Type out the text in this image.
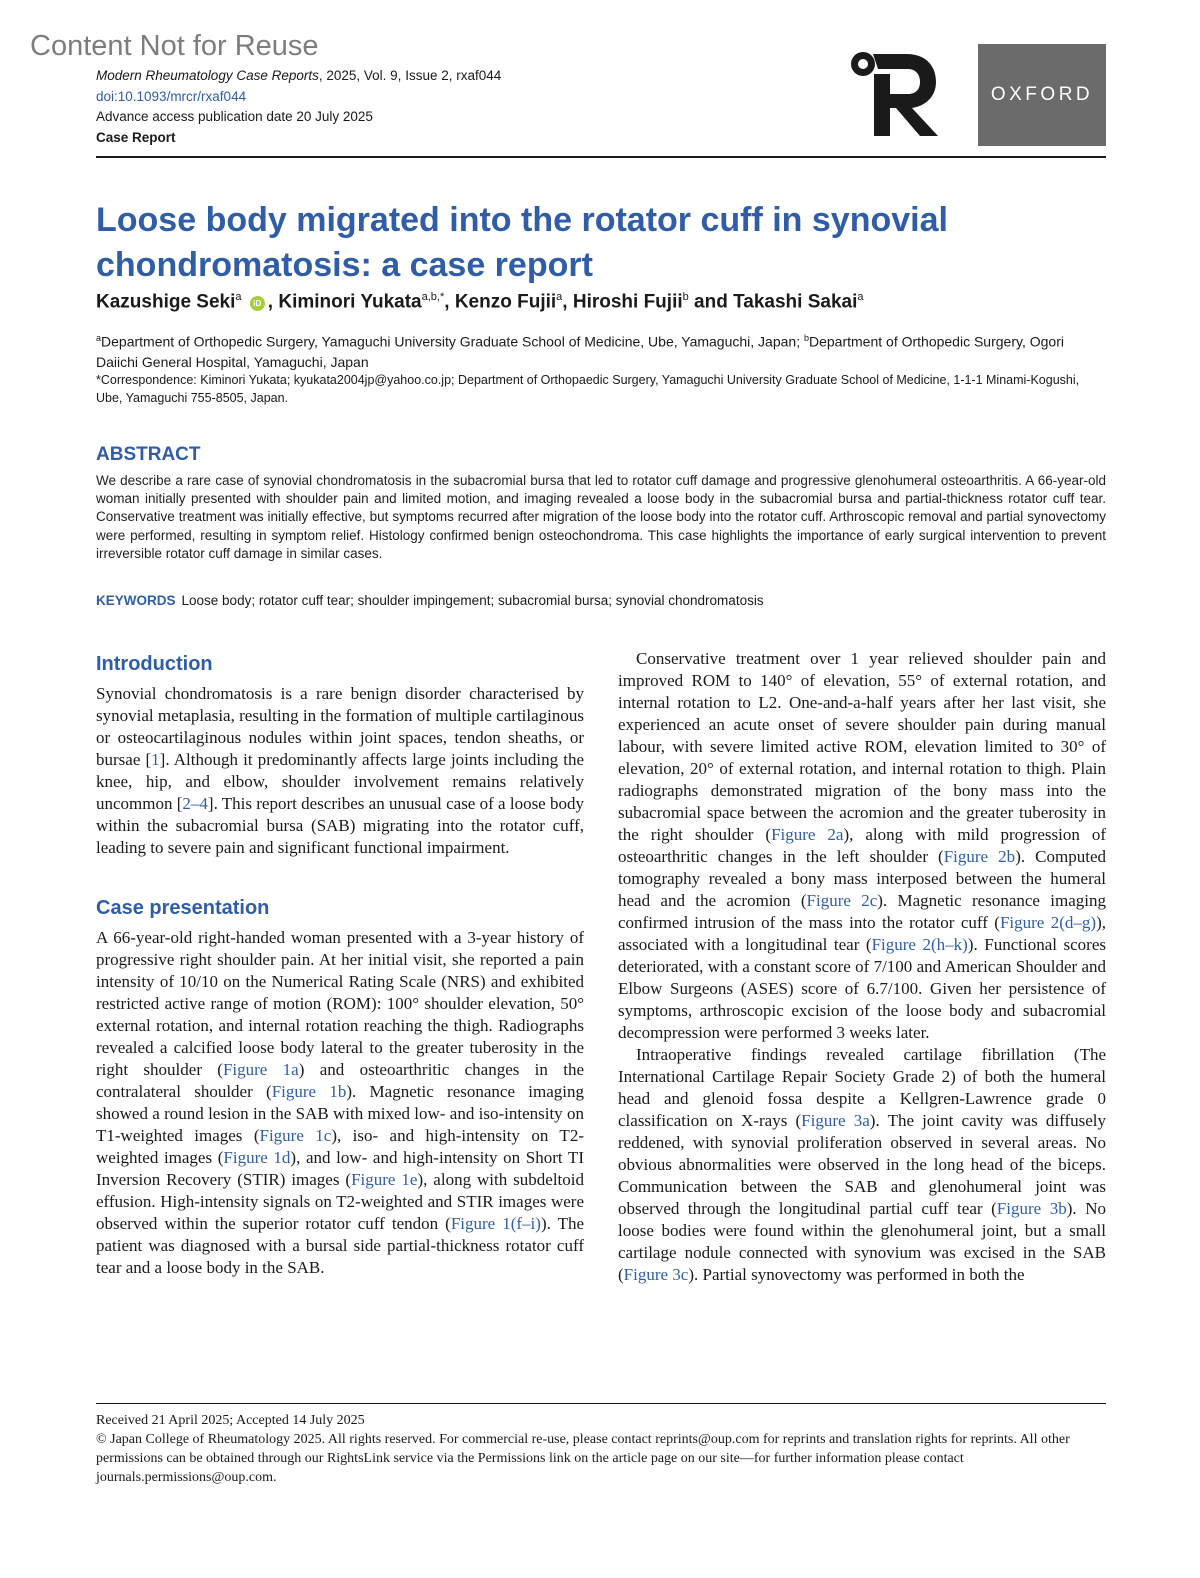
Content Not for Reuse
Modern Rheumatology Case Reports, 2025, Vol. 9, Issue 2, rxaf044
doi:10.1093/mrcr/rxaf044
Advance access publication date 20 July 2025
Case Report
OXFORD
Loose body migrated into the rotator cuff in synovial chondromatosis: a case report
Kazushige Seki$^a$ iD , Kiminori Yukata$^{a,b,*}$, Kenzo Fujii$^a$, Hiroshi Fujii$^b$ and Takashi Sakai$^a$
$^a$Department of Orthopedic Surgery, Yamaguchi University Graduate School of Medicine, Ube, Yamaguchi, Japan; $^b$Department of Orthopedic Surgery, Ogori Daiichi General Hospital, Yamaguchi, Japan
*Correspondence: Kiminori Yukata; kyukata2004jp@yahoo.co.jp; Department of Orthopaedic Surgery, Yamaguchi University Graduate School of Medicine, 1-1-1 Minami-Kogushi, Ube, Yamaguchi 755-8505, Japan.
ABSTRACT
We describe a rare case of synovial chondromatosis in the subacromial bursa that led to rotator cuff damage and progressive glenohumeral osteoarthritis. A 66-year-old woman initially presented with shoulder pain and limited motion, and imaging revealed a loose body in the subacromial bursa and partial-thickness rotator cuff tear. Conservative treatment was initially effective, but symptoms recurred after migration of the loose body into the rotator cuff. Arthroscopic removal and partial synovectomy were performed, resulting in symptom relief. Histology confirmed benign osteochondroma. This case highlights the importance of early surgical intervention to prevent irreversible rotator cuff damage in similar cases.
KEYWORDS Loose body; rotator cuff tear; shoulder impingement; subacromial bursa; synovial chondromatosis
Introduction

Synovial chondromatosis is a rare benign disorder characterised by synovial metaplasia, resulting in the formation of multiple cartilaginous or osteocartilaginous nodules within joint spaces, tendon sheaths, or bursae [1]. Although it predominantly affects large joints including the knee, hip, and elbow, shoulder involvement remains relatively uncommon [2–4]. This report describes an unusual case of a loose body within the subacromial bursa (SAB) migrating into the rotator cuff, leading to severe pain and significant functional impairment.

Case presentation

A 66-year-old right-handed woman presented with a 3-year history of progressive right shoulder pain. At her initial visit, she reported a pain intensity of 10/10 on the Numerical Rating Scale (NRS) and exhibited restricted active range of motion (ROM): 100° shoulder elevation, 50° external rotation, and internal rotation reaching the thigh. Radiographs revealed a calcified loose body lateral to the greater tuberosity in the right shoulder (Figure 1a) and osteoarthritic changes in the contralateral shoulder (Figure 1b). Magnetic resonance imaging showed a round lesion in the SAB with mixed low- and iso-intensity on T1-weighted images (Figure 1c), iso- and high-intensity on T2-weighted images (Figure 1d), and low- and high-intensity on Short TI Inversion Recovery (STIR) images (Figure 1e), along with subdeltoid effusion. High-intensity signals on T2-weighted and STIR images were observed within the superior rotator cuff tendon (Figure 1(f–i)). The patient was diagnosed with a bursal side partial-thickness rotator cuff tear and a loose body in the SAB.

Conservative treatment over 1 year relieved shoulder pain and improved ROM to 140° of elevation, 55° of external rotation, and internal rotation to L2. One-and-a-half years after her last visit, she experienced an acute onset of severe shoulder pain during manual labour, with severe limited active ROM, elevation limited to 30° of elevation, 20° of external rotation, and internal rotation to thigh. Plain radiographs demonstrated migration of the bony mass into the subacromial space between the acromion and the greater tuberosity in the right shoulder (Figure 2a), along with mild progression of osteoarthritic changes in the left shoulder (Figure 2b). Computed tomography revealed a bony mass interposed between the humeral head and the acromion (Figure 2c). Magnetic resonance imaging confirmed intrusion of the mass into the rotator cuff (Figure 2(d–g)), associated with a longitudinal tear (Figure 2(h–k)). Functional scores deteriorated, with a constant score of 7/100 and American Shoulder and Elbow Surgeons (ASES) score of 6.7/100. Given her persistence of symptoms, arthroscopic excision of the loose body and subacromial decompression were performed 3 weeks later.

Intraoperative findings revealed cartilage fibrillation (The International Cartilage Repair Society Grade 2) of both the humeral head and glenoid fossa despite a Kellgren-Lawrence grade 0 classification on X-rays (Figure 3a). The joint cavity was diffusely reddened, with synovial proliferation observed in several areas. No obvious abnormalities were observed in the long head of the biceps. Communication between the SAB and glenohumeral joint was observed through the longitudinal partial cuff tear (Figure 3b). No loose bodies were found within the glenohumeral joint, but a small cartilage nodule connected with synovium was excised in the SAB (Figure 3c). Partial synovectomy was performed in both the

Received 21 April 2025; Accepted 14 July 2025
© Japan College of Rheumatology 2025. All rights reserved. For commercial re-use, please contact reprints@oup.com for reprints and translation rights for reprints. All other permissions can be obtained through our RightsLink service via the Permissions link on the article page on our site—for further information please contact journals.permissions@oup.com.
